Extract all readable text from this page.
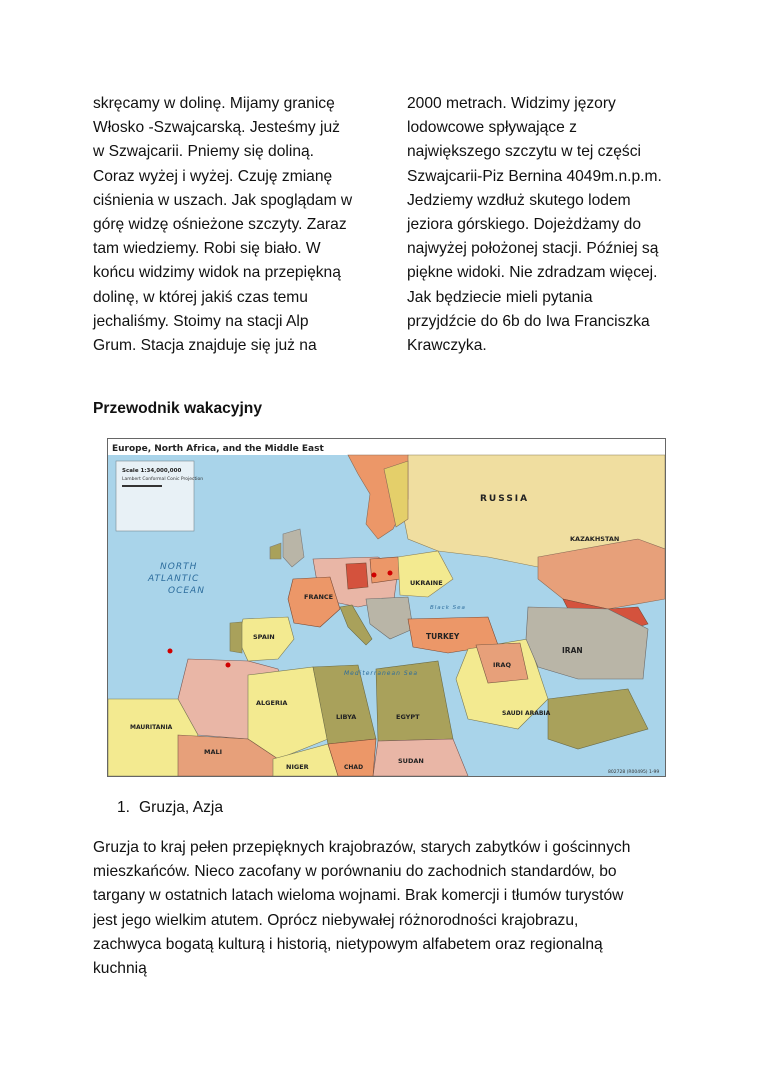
skręcamy w dolinę. Mijamy granicę
Włosko -Szwajcarską. Jesteśmy już
w Szwajcarii. Pniemy się doliną.
Coraz wyżej i wyżej. Czuję zmianę
ciśnienia w uszach. Jak spoglądam w
górę widzę ośnieżone szczyty. Zaraz
tam wiedziemy. Robi się biało. W
końcu widzimy widok na przepiękną
dolinę, w której jakiś czas temu
jechaliśmy. Stoimy na stacji Alp
Grum. Stacja znajduje się już na
2000 metrach. Widzimy jęzory
lodowcowe spływające z
największego szczytu w tej części
Szwajcarii-Piz Bernina 4049m.n.p.m.
Jedziemy wzdłuż skutego lodem
jeziora górskiego. Dojeżdżamy do
najwyżej położonej stacji. Później są
piękne widoki. Nie zdradzam więcej.
Jak będziecie mieli pytania
przyjdźcie do 6b do Iwa Franciszka
Krawczyka.
Przewodnik wakacyjny
Europe, North Africa, and the Middle East
Scale 1:34,000,000
Lambert Conformal Conic Projection
NORTH
ATLANTIC
OCEAN
RUSSIA
KAZAKHSTAN
UKRAINE
FRANCE
SPAIN	TURKEY
IRAN
IRAQ
ALGERIA
LIBYA	EGYPT	SAUDI ARABIA
MAURITANIA
MALI
NIGER	CHAD
SUDAN
Mediterranean Sea
Black Sea
802728 (R00495) 1-99
1. Gruzja, Azja
Gruzja to kraj pełen przepięknych krajobrazów, starych zabytków i gościnnych
mieszkańców. Nieco zacofany w porównaniu do zachodnich standardów, bo
targany w ostatnich latach wieloma wojnami. Brak komercji i tłumów turystów
jest jego wielkim atutem. Oprócz niebywałej różnorodności krajobrazu,
zachwyca bogatą kulturą i historią, nietypowym alfabetem oraz regionalną
kuchnią
